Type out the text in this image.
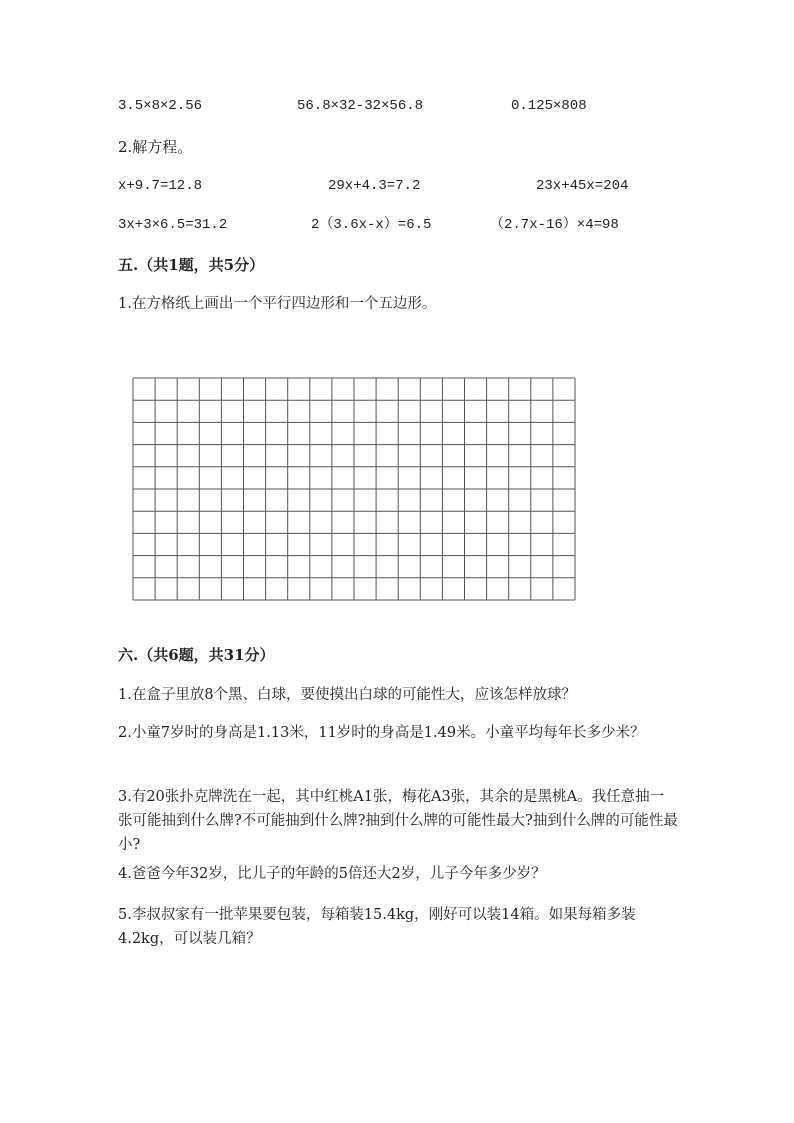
3.5×8×2.56	56.8×32-32×56.8	0.125×808
2.解方程。
x+9.7=12.8	29x+4.3=7.2	23x+45x=204
3x+3×6.5=31.2	2（3.6x-x）=6.5	（2.7x-16）×4=98
五.（共1题，共5分）
1.在方格纸上画出一个平行四边形和一个五边形。
六.（共6题，共31分）
1.在盒子里放8个黑、白球，要使摸出白球的可能性大，应该怎样放球？
2.小童7岁时的身高是1.13米，11岁时的身高是1.49米。小童平均每年长多少米？
3.有20张扑克牌洗在一起，其中红桃A1张，梅花A3张，其余的是黑桃A。我任意抽一张可能抽到什么牌?不可能抽到什么牌?抽到什么牌的可能性最大?抽到什么牌的可能性最小?
4.爸爸今年32岁，比儿子的年龄的5倍还大2岁，儿子今年多少岁？
5.李叔叔家有一批苹果要包装，每箱装15.4kg，刚好可以装14箱。如果每箱多装4.2kg，可以装几箱？
